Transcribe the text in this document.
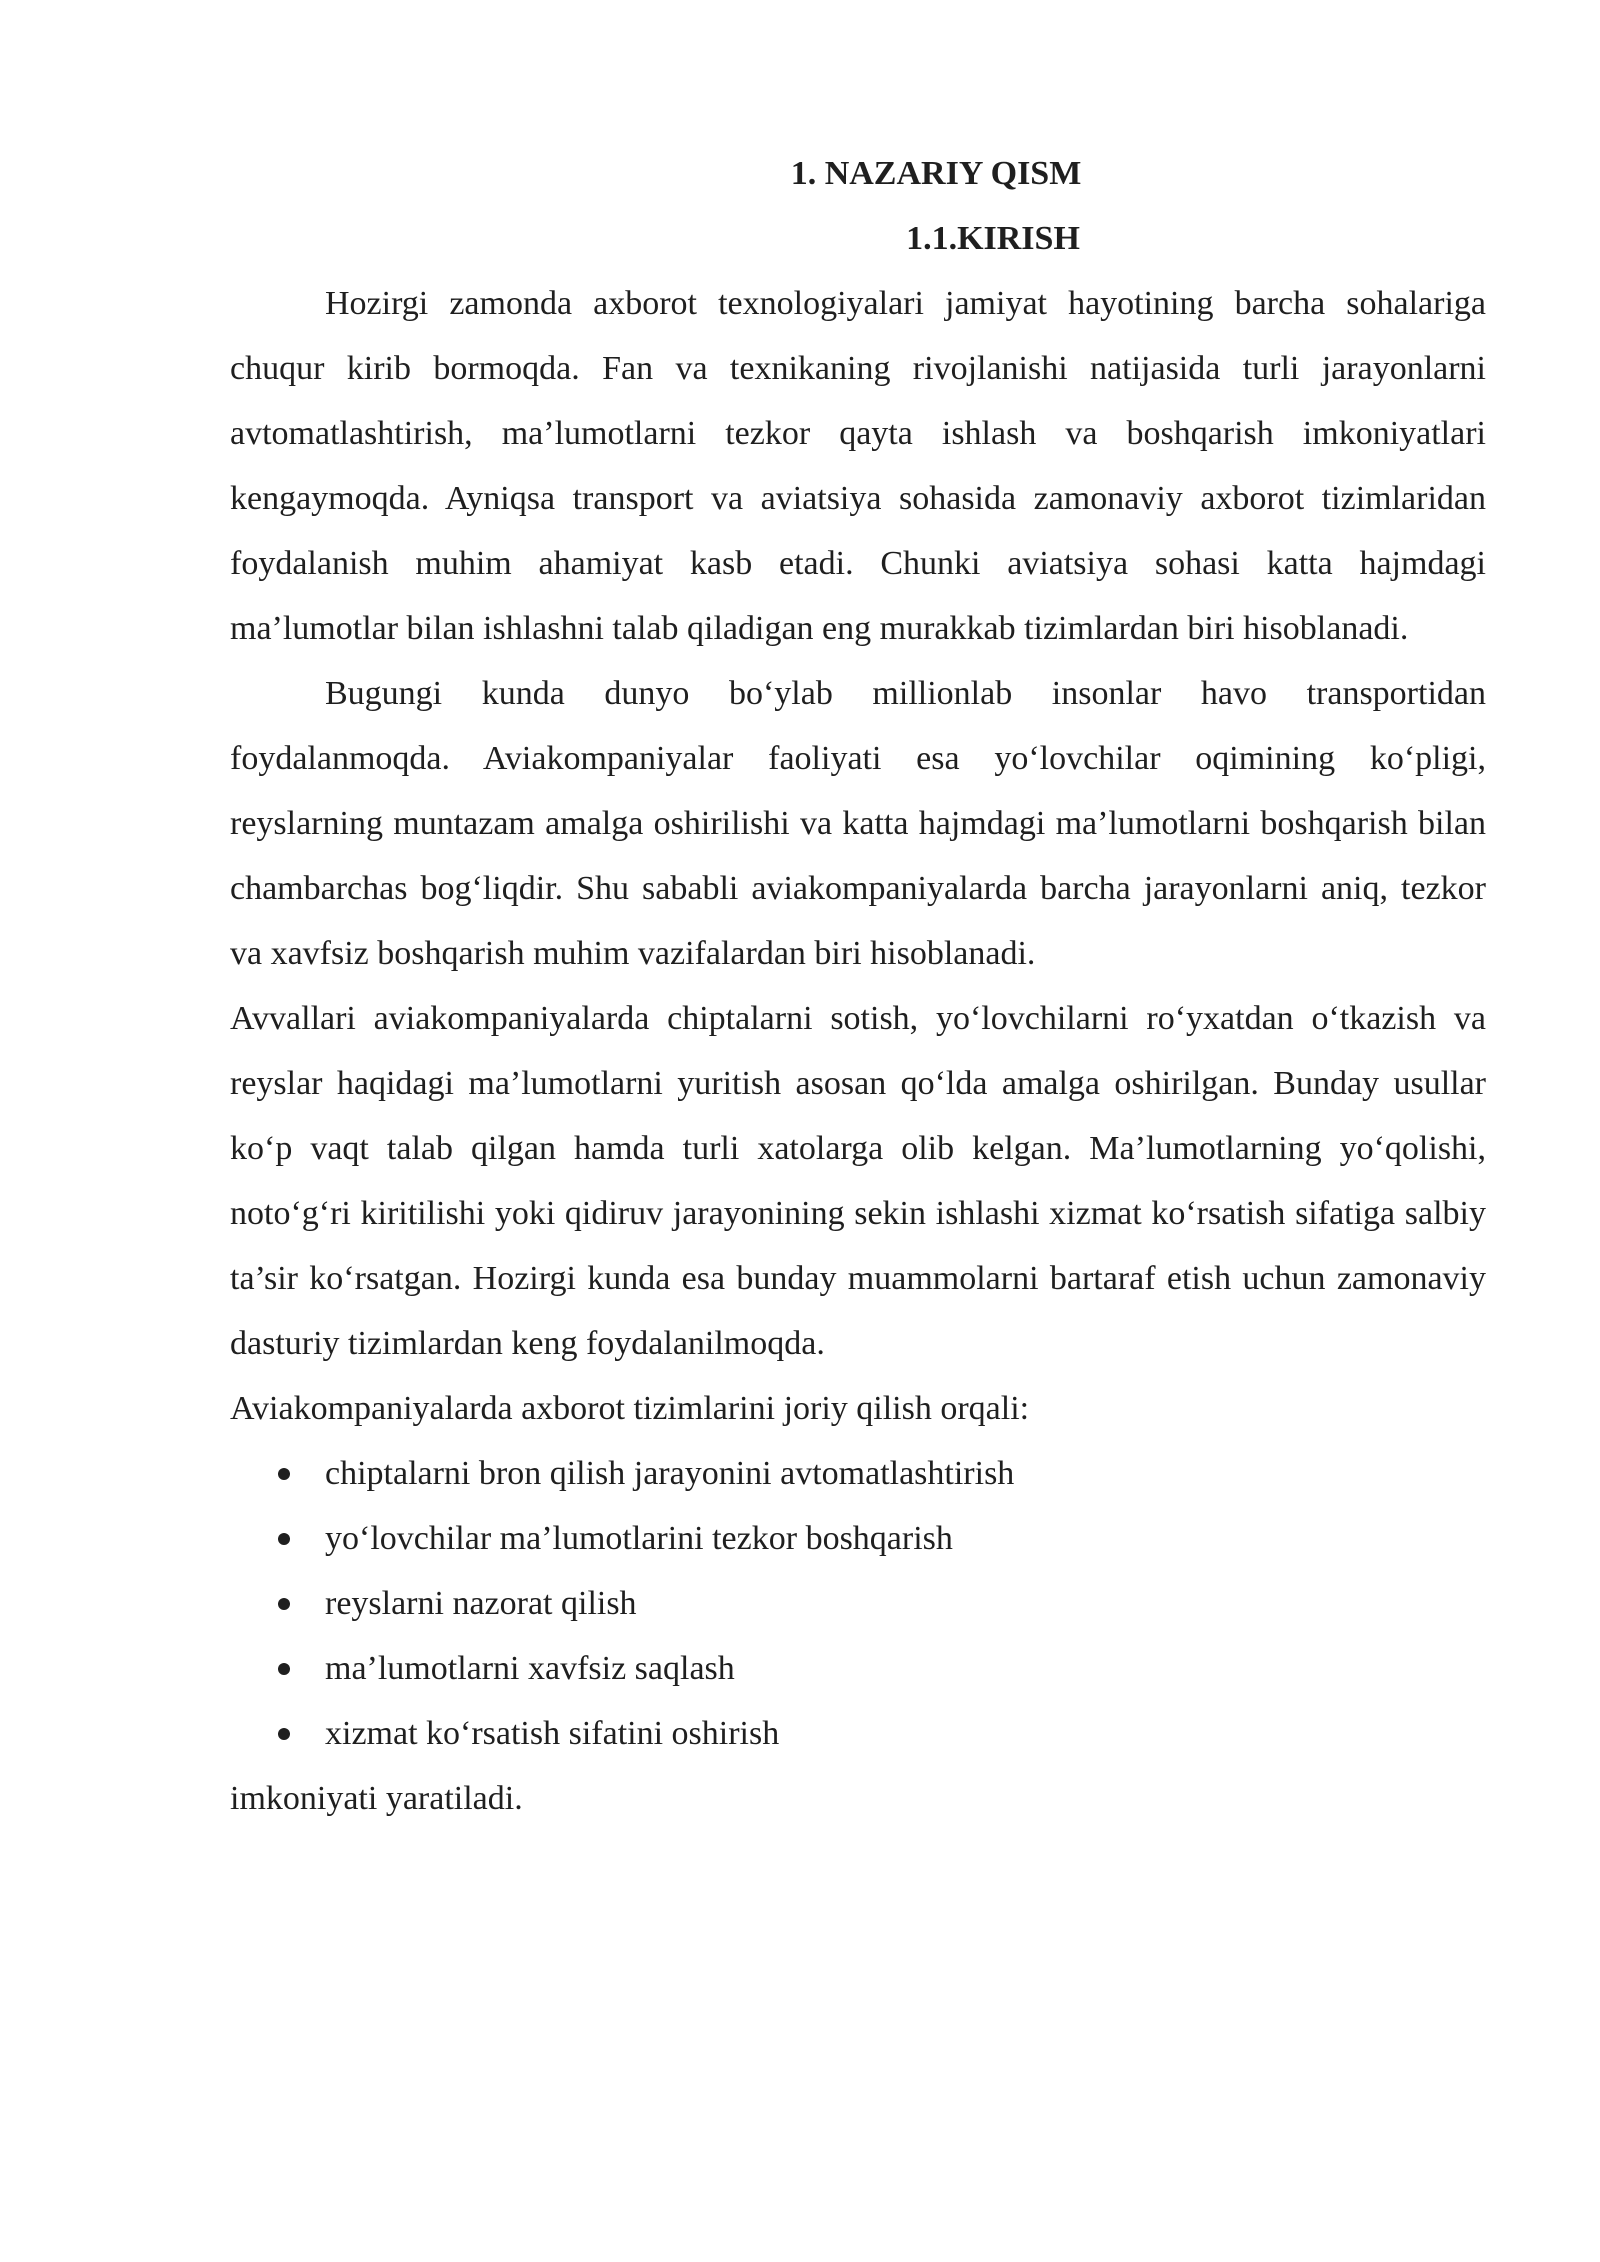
1. NAZARIY QISM
1.1.KIRISH

Hozirgi zamonda axborot texnologiyalari jamiyat hayotining barcha sohalariga chuqur kirib bormoqda. Fan va texnikaning rivojlanishi natijasida turli jarayonlarni avtomatlashtirish, ma’lumotlarni tezkor qayta ishlash va boshqarish imkoniyatlari kengaymoqda. Ayniqsa transport va aviatsiya sohasida zamonaviy axborot tizimlaridan foydalanish muhim ahamiyat kasb etadi. Chunki aviatsiya sohasi katta hajmdagi ma’lumotlar bilan ishlashni talab qiladigan eng murakkab tizimlardan biri hisoblanadi.

Bugungi kunda dunyo bo‘ylab millionlab insonlar havo transportidan foydalanmoqda. Aviakompaniyalar faoliyati esa yo‘lovchilar oqimining ko‘pligi, reyslarning muntazam amalga oshirilishi va katta hajmdagi ma’lumotlarni boshqarish bilan chambarchas bog‘liqdir. Shu sababli aviakompaniyalarda barcha jarayonlarni aniq, tezkor va xavfsiz boshqarish muhim vazifalardan biri hisoblanadi.

Avvallari aviakompaniyalarda chiptalarni sotish, yo‘lovchilarni ro‘yxatdan o‘tkazish va reyslar haqidagi ma’lumotlarni yuritish asosan qo‘lda amalga oshirilgan. Bunday usullar ko‘p vaqt talab qilgan hamda turli xatolarga olib kelgan. Ma’lumotlarning yo‘qolishi, noto‘g‘ri kiritilishi yoki qidiruv jarayonining sekin ishlashi xizmat ko‘rsatish sifatiga salbiy ta’sir ko‘rsatgan. Hozirgi kunda esa bunday muammolarni bartaraf etish uchun zamonaviy dasturiy tizimlardan keng foydalanilmoqda.

Aviakompaniyalarda axborot tizimlarini joriy qilish orqali:

chiptalarni bron qilish jarayonini avtomatlashtirish
yo‘lovchilar ma’lumotlarini tezkor boshqarish
reyslarni nazorat qilish
ma’lumotlarni xavfsiz saqlash
xizmat ko‘rsatish sifatini oshirish

imkoniyati yaratiladi.
